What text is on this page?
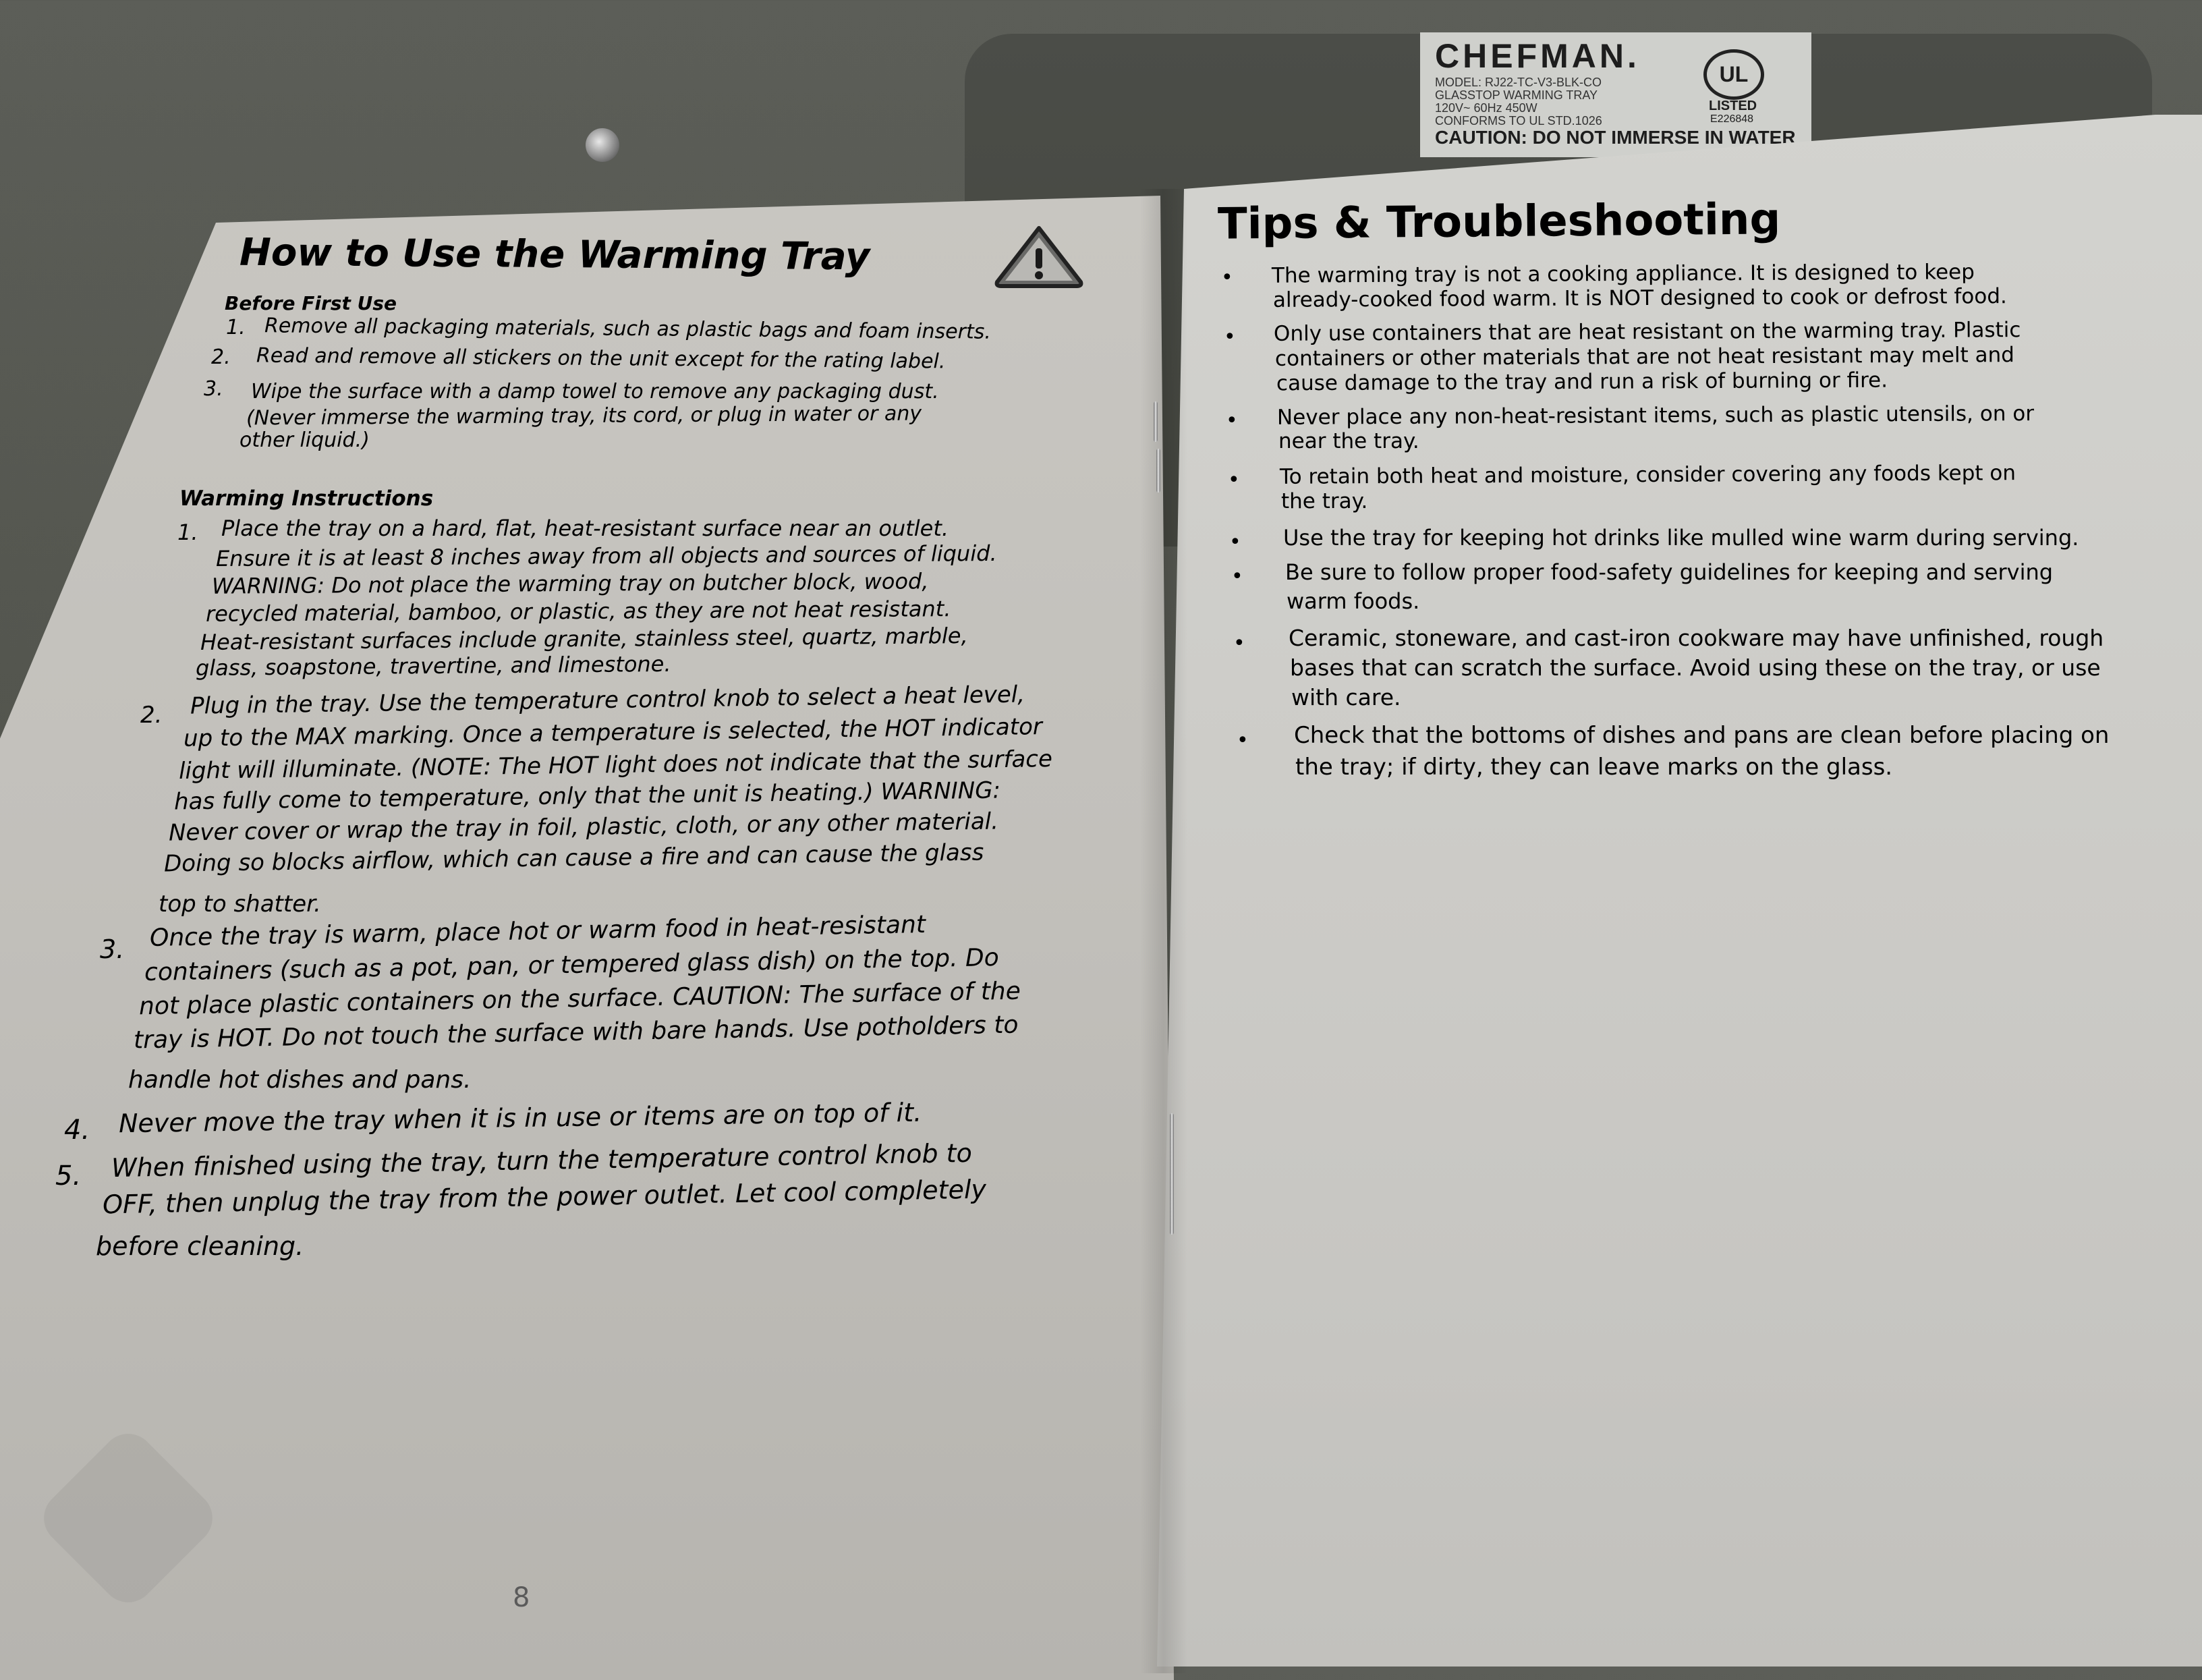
CHEFMAN.
MODEL: RJ22-TC-V3-BLK-CO
GLASSTOP WARMING TRAY
120V~ 60Hz 450W
CONFORMS TO UL STD.1026
CAUTION: DO NOT IMMERSE IN WATER
UL
LISTED
E226848
How to Use the Warming Tray
Before First Use
1. Remove all packaging materials, such as plastic bags and foam inserts.
2. Read and remove all stickers on the unit except for the rating label.
3. Wipe the surface with a damp towel to remove any packaging dust.
(Never immerse the warming tray, its cord, or plug in water or any
other liquid.)
Warming Instructions
1. Place the tray on a hard, flat, heat-resistant surface near an outlet.
Ensure it is at least 8 inches away from all objects and sources of liquid.
WARNING: Do not place the warming tray on butcher block, wood,
recycled material, bamboo, or plastic, as they are not heat resistant.
Heat-resistant surfaces include granite, stainless steel, quartz, marble,
glass, soapstone, travertine, and limestone.
2. Plug in the tray. Use the temperature control knob to select a heat level,
up to the MAX marking. Once a temperature is selected, the HOT indicator
light will illuminate. (NOTE: The HOT light does not indicate that the surface
has fully come to temperature, only that the unit is heating.) WARNING:
Never cover or wrap the tray in foil, plastic, cloth, or any other material.
Doing so blocks airflow, which can cause a fire and can cause the glass
top to shatter.
3. Once the tray is warm, place hot or warm food in heat-resistant
containers (such as a pot, pan, or tempered glass dish) on the top. Do
not place plastic containers on the surface. CAUTION: The surface of the
tray is HOT. Do not touch the surface with bare hands. Use potholders to
handle hot dishes and pans.
4. Never move the tray when it is in use or items are on top of it.
5. When finished using the tray, turn the temperature control knob to
OFF, then unplug the tray from the power outlet. Let cool completely
before cleaning.
8
Tips & Troubleshooting
• The warming tray is not a cooking appliance. It is designed to keep
already-cooked food warm. It is NOT designed to cook or defrost food.
• Only use containers that are heat resistant on the warming tray. Plastic
containers or other materials that are not heat resistant may melt and
cause damage to the tray and run a risk of burning or fire.
• Never place any non-heat-resistant items, such as plastic utensils, on or
near the tray.
• To retain both heat and moisture, consider covering any foods kept on
the tray.
• Use the tray for keeping hot drinks like mulled wine warm during serving.
• Be sure to follow proper food-safety guidelines for keeping and serving
warm foods.
• Ceramic, stoneware, and cast-iron cookware may have unfinished, rough
bases that can scratch the surface. Avoid using these on the tray, or use
with care.
• Check that the bottoms of dishes and pans are clean before placing on
the tray; if dirty, they can leave marks on the glass.
